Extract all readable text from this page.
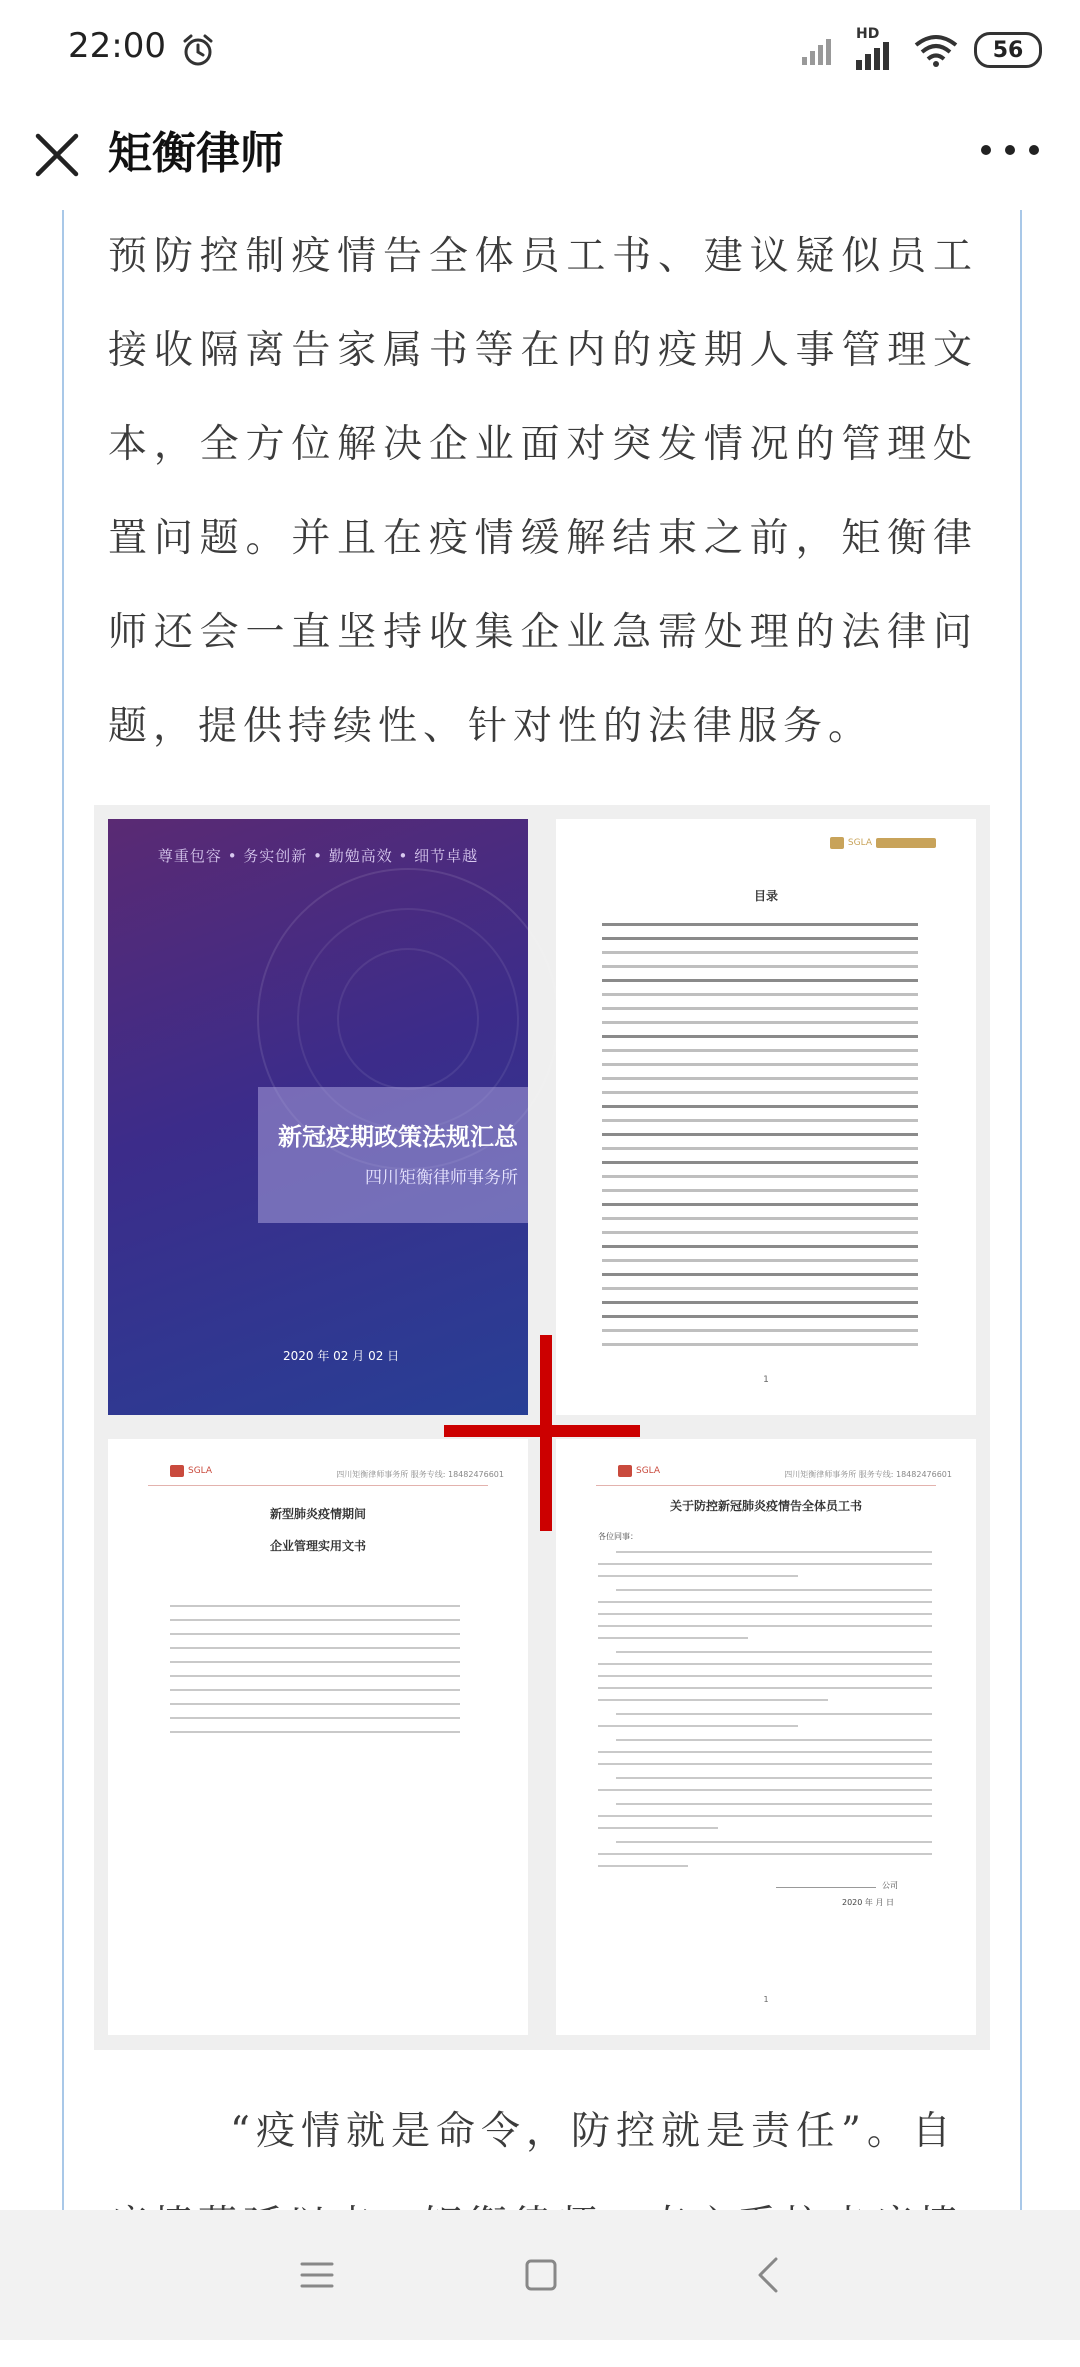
22:00	HD
56
矩衡律师

预防控制疫情告全体员工书、建议疑似员工接收隔离告家属书等在内的疫期人事管理文本，全方位解决企业面对突发情况的管理处置问题。并且在疫情缓解结束之前，矩衡律师还会一直坚持收集企业急需处理的法律问题，提供持续性、针对性的法律服务。

尊重包容 • 务实创新 • 勤勉高效 • 细节卓越
新冠疫期政策法规汇总
四川矩衡律师事务所
2020 年 02 月 02 日
SGLA
目录
1
SGLA	四川矩衡律师事务所 服务专线: 18482476601
新型肺炎疫情期间
企业管理实用文书
SGLA	四川矩衡律师事务所 服务专线: 18482476601
关于防控新冠肺炎疫情告全体员工书
各位同事：
公司
2020 年 月 日
1

“疫情就是命令，防控就是责任”。自
